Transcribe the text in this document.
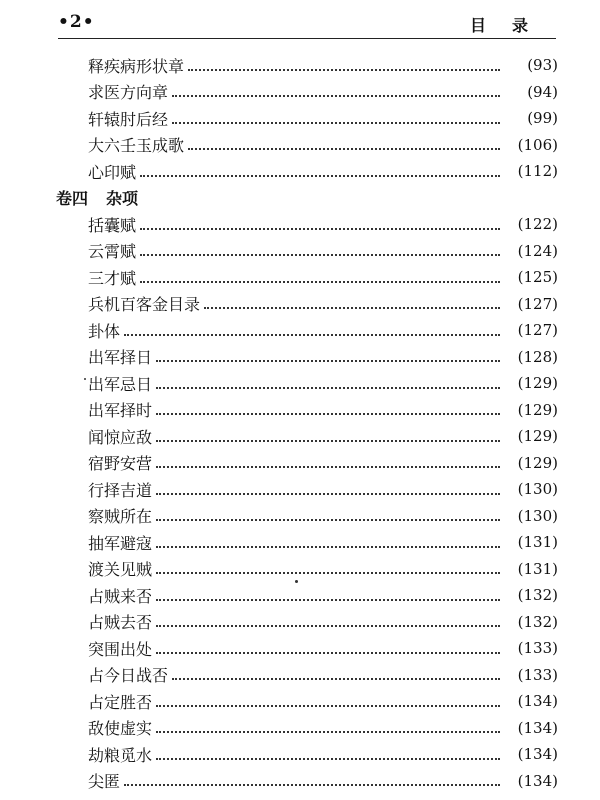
•2•	目录
释疾病形状章	(93)
求医方向章	(94)
轩辕肘后经	(99)
大六壬玉成歌	(106)
心印赋	(112)
卷四 杂项
括囊赋	(122)
云霄赋	(124)
三才赋	(125)
兵机百客金目录	(127)
卦体	(127)
出军择日	(128)
出军忌日	(129)
出军择时	(129)
闻惊应敌	(129)
宿野安营	(129)
行择吉道	(130)
察贼所在	(130)
抽军避寇	(131)
渡关见贼	(131)
占贼来否	(132)
占贼去否	(132)
突围出处	(133)
占今日战否	(133)
占定胜否	(134)
敌使虚实	(134)
劫粮觅水	(134)
尖匿	(134)
